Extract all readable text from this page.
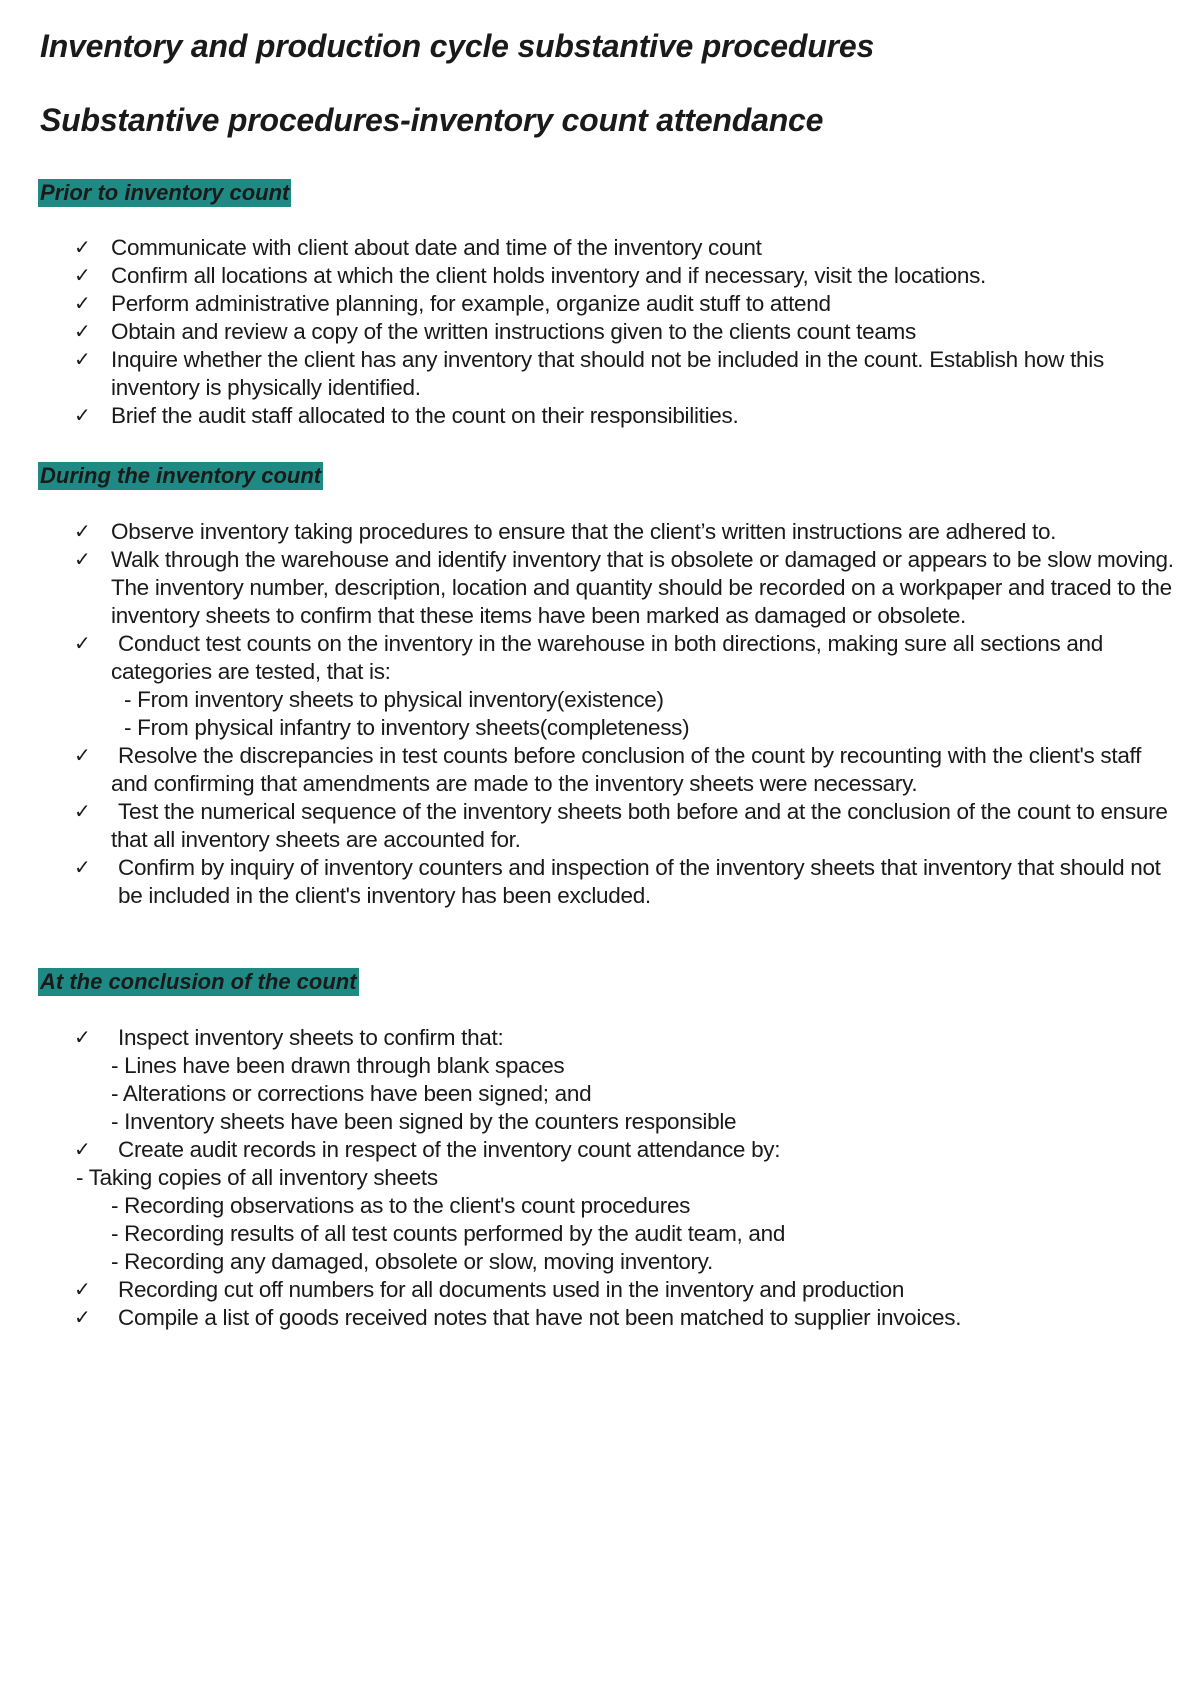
Inventory and production cycle substantive procedures
Substantive procedures-inventory count attendance
Prior to inventory count
✓ Communicate with client about date and time of the inventory count
✓ Confirm all locations at which the client holds inventory and if necessary, visit the locations.
✓ Perform administrative planning, for example, organize audit stuff to attend
✓ Obtain and review a copy of the written instructions given to the clients count teams
✓ Inquire whether the client has any inventory that should not be included in the count. Establish how this inventory is physically identified.
✓ Brief the audit staff allocated to the count on their responsibilities.
During the inventory count
✓ Observe inventory taking procedures to ensure that the client’s written instructions are adhered to.
✓ Walk through the warehouse and identify inventory that is obsolete or damaged or appears to be slow moving. The inventory number, description, location and quantity should be recorded on a workpaper and traced to the inventory sheets to confirm that these items have been marked as damaged or obsolete.
✓	Conduct test counts on the inventory in the warehouse in both directions, making sure all sections and categories are tested, that is:
- From inventory sheets to physical inventory(existence)
- From physical infantry to inventory sheets(completeness)
✓	Resolve the discrepancies in test counts before conclusion of the count by recounting with the client's staff and confirming that amendments are made to the inventory sheets were necessary.
✓	Test the numerical sequence of the inventory sheets both before and at the conclusion of the count to ensure that all inventory sheets are accounted for.
✓	Confirm by inquiry of inventory counters and inspection of the inventory sheets that inventory that should not be included in the client's inventory has been excluded.
At the conclusion of the count
✓	Inspect inventory sheets to confirm that:
- Lines have been drawn through blank spaces
- Alterations or corrections have been signed; and
- Inventory sheets have been signed by the counters responsible
✓	Create audit records in respect of the inventory count attendance by:
- Taking copies of all inventory sheets
- Recording observations as to the client's count procedures
- Recording results of all test counts performed by the audit team, and
- Recording any damaged, obsolete or slow, moving inventory.
✓	Recording cut off numbers for all documents used in the inventory and production
✓	Compile a list of goods received notes that have not been matched to supplier invoices.
